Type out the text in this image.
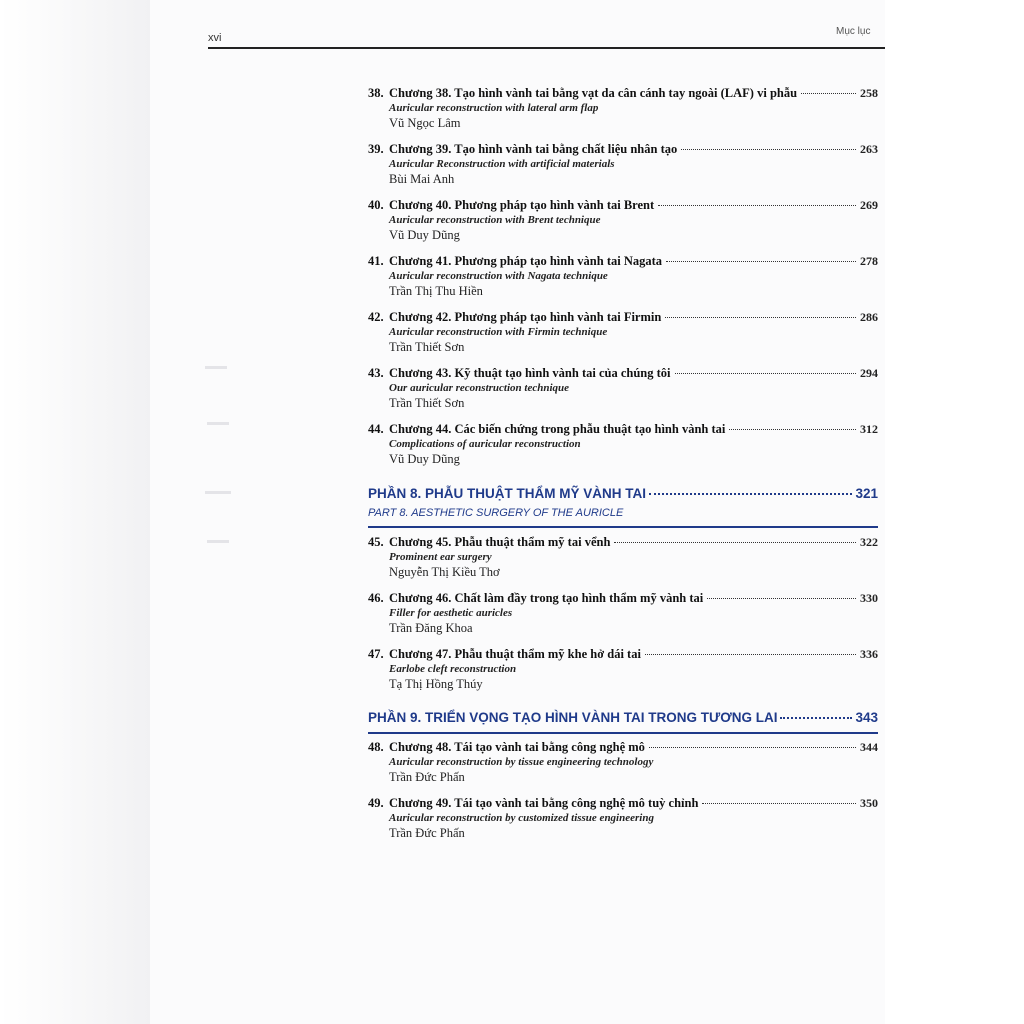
xvi
Mục lục
38. Chương 38. Tạo hình vành tai bằng vạt da cân cánh tay ngoài (LAF) vi phẫu	258
Auricular reconstruction with lateral arm flap
Vũ Ngọc Lâm
39. Chương 39. Tạo hình vành tai bằng chất liệu nhân tạo	263
Auricular Reconstruction with artificial materials
Bùi Mai Anh
40. Chương 40. Phương pháp tạo hình vành tai Brent	269
Auricular reconstruction with Brent technique
Vũ Duy Dũng
41. Chương 41. Phương pháp tạo hình vành tai Nagata	278
Auricular reconstruction with Nagata technique
Trần Thị Thu Hiền
42. Chương 42. Phương pháp tạo hình vành tai Firmin	286
Auricular reconstruction with Firmin technique
Trần Thiết Sơn
43. Chương 43. Kỹ thuật tạo hình vành tai của chúng tôi	294
Our auricular reconstruction technique
Trần Thiết Sơn
44. Chương 44. Các biến chứng trong phẫu thuật tạo hình vành tai	312
Complications of auricular reconstruction
Vũ Duy Dũng
PHẦN 8. PHẪU THUẬT THẨM MỸ VÀNH TAI	321
PART 8. AESTHETIC SURGERY OF THE AURICLE
45. Chương 45. Phẫu thuật thẩm mỹ tai vểnh	322
Prominent ear surgery
Nguyễn Thị Kiều Thơ
46. Chương 46. Chất làm đầy trong tạo hình thẩm mỹ vành tai	330
Filler for aesthetic auricles
Trần Đăng Khoa
47. Chương 47. Phẫu thuật thẩm mỹ khe hở dái tai	336
Earlobe cleft reconstruction
Tạ Thị Hồng Thúy
PHẦN 9. TRIỂN VỌNG TẠO HÌNH VÀNH TAI TRONG TƯƠNG LAI	343
48. Chương 48. Tái tạo vành tai bằng công nghệ mô	344
Auricular reconstruction by tissue engineering technology
Trần Đức Phấn
49. Chương 49. Tái tạo vành tai bằng công nghệ mô tuỳ chỉnh	350
Auricular reconstruction by customized tissue engineering
Trần Đức Phấn
